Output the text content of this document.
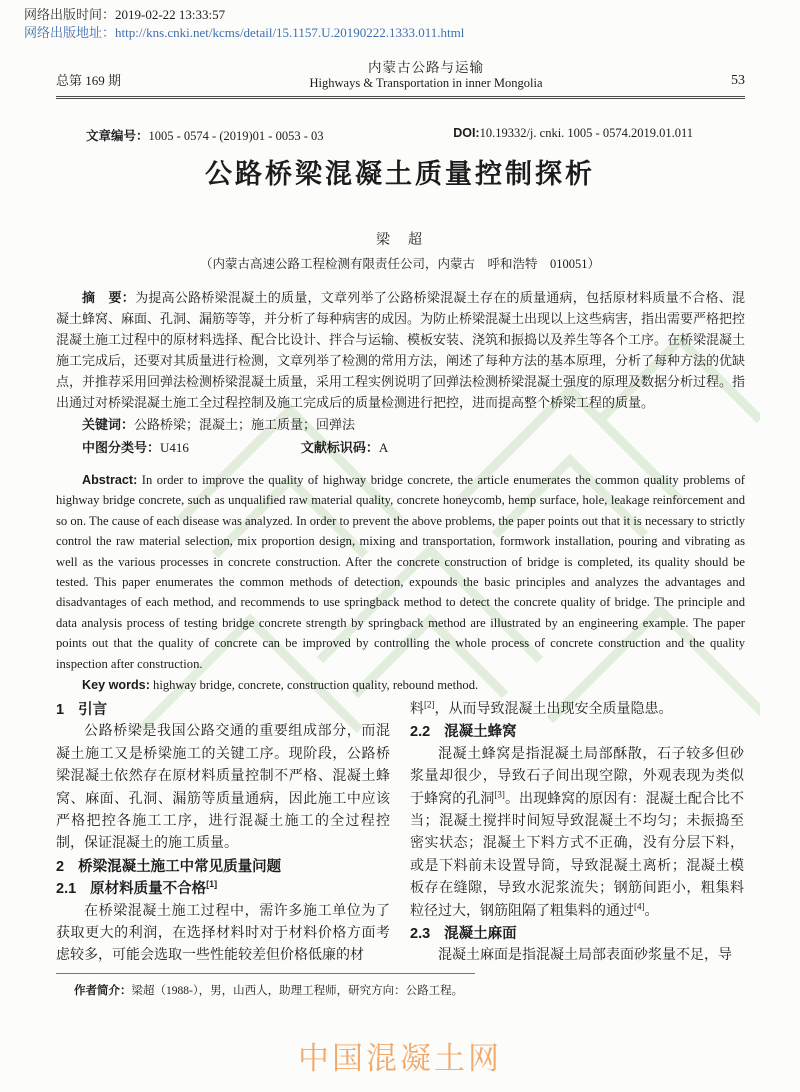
网络出版时间：2019-02-22 13:33:57
网络出版地址：http://kns.cnki.net/kcms/detail/15.1157.U.20190222.1333.011.html
总第 169 期
内蒙古公路与运输
Highways & Transportation in inner Mongolia	53
文章编号：1005 - 0574 - (2019)01 - 0053 - 03	DOI:10.19332/j. cnki. 1005 - 0574.2019.01.011
公路桥梁混凝土质量控制探析
梁　超
（内蒙古高速公路工程检测有限责任公司，内蒙古　呼和浩特　010051）

摘　要：为提高公路桥梁混凝土的质量，文章列举了公路桥梁混凝土存在的质量通病，包括原材料质量不合格、混凝土蜂窝、麻面、孔洞、漏筋等等，并分析了每种病害的成因。为防止桥梁混凝土出现以上这些病害，指出需要严格把控混凝土施工过程中的原材料选择、配合比设计、拌合与运输、模板安装、浇筑和振捣以及养生等各个工序。在桥梁混凝土施工完成后，还要对其质量进行检测，文章列举了检测的常用方法，阐述了每种方法的基本原理，分析了每种方法的优缺点，并推荐采用回弹法检测桥梁混凝土质量，采用工程实例说明了回弹法检测桥梁混凝土强度的原理及数据分析过程。指出通过对桥梁混凝土施工全过程控制及施工完成后的质量检测进行把控，进而提高整个桥梁工程的质量。

关键词：公路桥梁；混凝土；施工质量；回弹法

中图分类号：U416	文献标识码：A

Abstract: In order to improve the quality of highway bridge concrete, the article enumerates the common quality problems of highway bridge concrete, such as unqualified raw material quality, concrete honeycomb, hemp surface, hole, leakage reinforcement and so on. The cause of each disease was analyzed. In order to prevent the above problems, the paper points out that it is necessary to strictly control the raw material selection, mix proportion design, mixing and transportation, formwork installation, pouring and vibrating as well as the various processes in concrete construction. After the concrete construction of bridge is completed, its quality should be tested. This paper enumerates the common methods of detection, expounds the basic principles and analyzes the advantages and disadvantages of each method, and recommends to use springback method to detect the concrete quality of bridge. The principle and data analysis process of testing bridge concrete strength by springback method are illustrated by an engineering example. The paper points out that the quality of concrete can be improved by controlling the whole process of concrete construction and the quality inspection after construction.

Key words: highway bridge, concrete, construction quality, rebound method.

1 引言

公路桥梁是我国公路交通的重要组成部分，而混凝土施工又是桥梁施工的关键工序。现阶段，公路桥梁混凝土依然存在原材料质量控制不严格、混凝土蜂窝、麻面、孔洞、漏筋等质量通病，因此施工中应该严格把控各施工工序，进行混凝土施工的全过程控制，保证混凝土的施工质量。

2 桥梁混凝土施工中常见质量问题
2.1 原材料质量不合格[1]

在桥梁混凝土施工过程中，需许多施工单位为了获取更大的利润，在选择材料时对于材料价格方面考虑较多，可能会选取一些性能较差但价格低廉的材

料[2]，从而导致混凝土出现安全质量隐患。

2.2 混凝土蜂窝

混凝土蜂窝是指混凝土局部酥散，石子较多但砂浆量却很少，导致石子间出现空隙，外观表现为类似于蜂窝的孔洞[3]。出现蜂窝的原因有：混凝土配合比不当；混凝土搅拌时间短导致混凝土不均匀；未振捣至密实状态；混凝土下料方式不正确，没有分层下料，或是下料前未设置导筒，导致混凝土离析；混凝土模板存在缝隙，导致水泥浆流失；钢筋间距小，粗集料粒径过大，钢筋阻隔了粗集料的通过[4]。

2.3 混凝土麻面

混凝土麻面是指混凝土局部表面砂浆量不足，导

作者简介：梁超（1988-），男，山西人，助理工程师，研究方向：公路工程。
中国混凝土网
